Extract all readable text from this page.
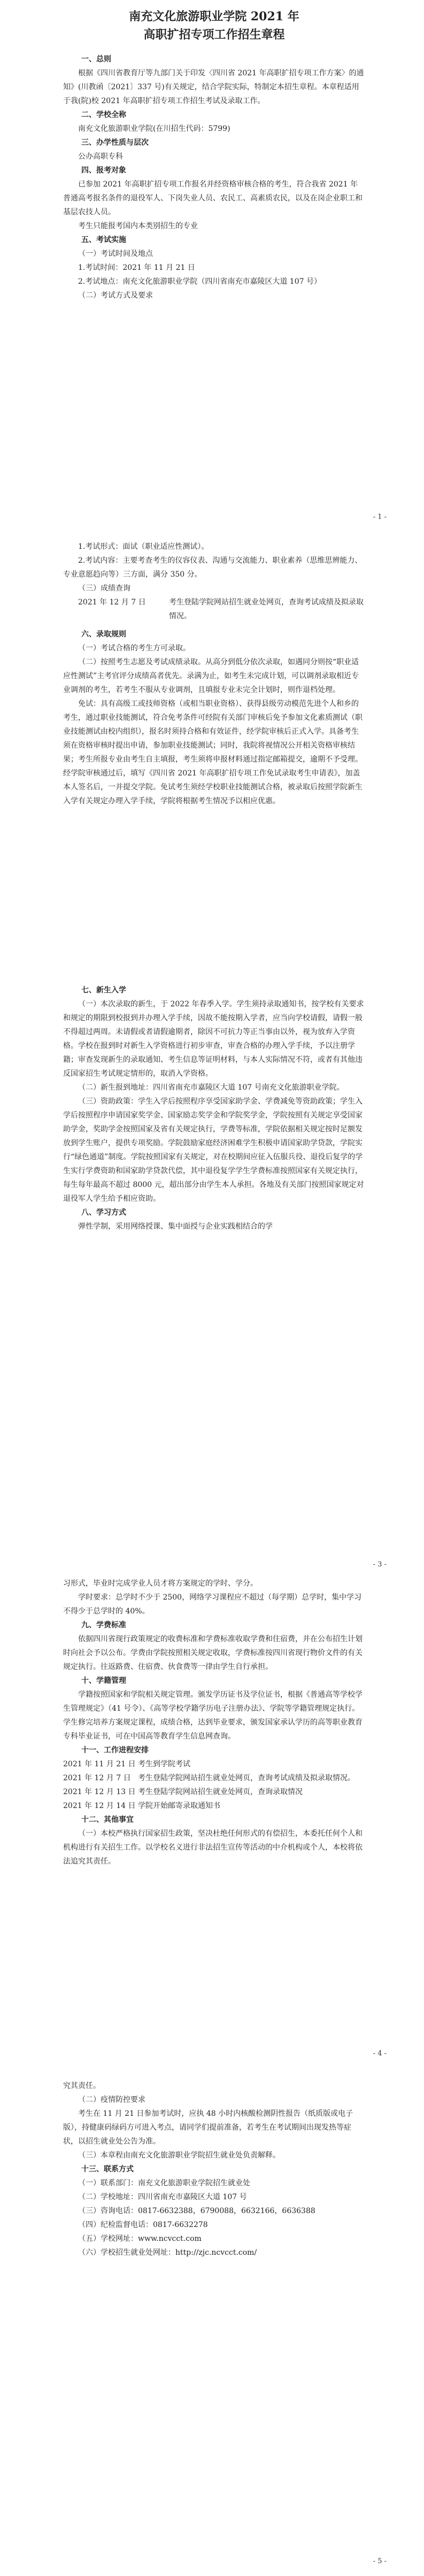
南充文化旅游职业学院 2021 年
高职扩招专项工作招生章程

一、总则

根据《四川省教育厅等九部门关于印发〈四川省 2021 年高职扩招专项工作方案〉的通知》(川教函〔2021〕337 号)有关规定，结合学院实际，特制定本招生章程。本章程适用于我(院)校 2021 年高职扩招专项工作招生考试及录取工作。

二、学校全称

南充文化旅游职业学院(在川招生代码：5799)

三、办学性质与层次

公办高职专科

四、报考对象

已参加 2021 年高职扩招专项工作报名并经资格审核合格的考生，符合我省 2021 年普通高考报名条件的退役军人、下岗失业人员、农民工、高素质农民，以及在岗企业职工和基层农技人员。

考生只能报考国内本类别招生的专业

五、考试实施

（一）考试时间及地点

1.考试时间：2021 年 11 月 21 日

2.考试地点：南充文化旅游职业学院（四川省南充市嘉陵区大道 107 号）

（二）考试方式及要求

- 1 -

1.考试形式：面试（职业适应性测试）。

2.考试内容：主要考查考生的仪容仪表、沟通与交流能力、职业素养（思维思辨能力、专业意愿趋向等）三方面，满分 350 分。

（三）成绩查询

2021 年 12 月 7 日	考生登陆学院网站招生就业处网页，查询考试成绩及拟录取情况。

六、录取规则

（一）考试合格的考生方可录取。

（二）按照考生志愿及考试成绩录取。从高分到低分依次录取，如遇同分则按“职业适应性测试”主考官评分成绩高者优先。录满为止，如考生未完成计划，可以调剂录取相近专业调剂的考生，若考生不服从专业调剂，且填报专业未完全计划时，则作退档处理。

免试：具有高级工或技师资格（或相当职业资格）、获得县级劳动模范先进个人和乡的考生，通过职业技能测试，符合免考条件可经院有关部门审核后免予参加文化素质测试（职业技能测试由校内组织），报名时须持合格和有效证件，经学院审核后正式入学。具备考生须在资格审核时提出申请，参加职业技能测试；同时，我院将视情况公开相关资格审核结果；考生所报专业由考生自主填报，考生须将申报材料通过指定邮箱提交，逾期不予受理。经学院审核通过后，填写《四川省 2021 年高职扩招专项工作免试录取考生申请表》，加盖本人签名后，一并提交学院。免试考生须经学校职业技能测试合格，被录取后按照学院新生入学有关规定办理入学手续，学院将根据考生情况予以相应优惠。

七、新生入学

（一）本次录取的新生，于 2022 年春季入学。学生须持录取通知书，按学校有关要求和规定的期限到校报到并办理入学手续，因故不能按期入学者，应当向学校请假，请假一般不得超过两周。未请假或者请假逾期者，除因不可抗力等正当事由以外，视为放弃入学资格。学校在报到时对新生入学资格进行初步审查，审查合格的办理入学手续，予以注册学籍；审查发现新生的录取通知、考生信息等证明材料，与本人实际情况不符，或者有其他违反国家招生考试规定情形的，取消入学资格。

（二）新生报到地址：四川省南充市嘉陵区大道 107 号南充文化旅游职业学院。

（三）资助政策：学生入学后按照程序享受国家助学金、学费减免等资助政策；学生入学后按照程序申请国家奖学金、国家励志奖学金和学院奖学金，学院按照有关规定享受国家助学金，奖助学金按照国家及省有关规定执行，学费等标准，学院依据相关规定按时足额发放到学生账户，提供专项奖励。学院鼓励家庭经济困难学生积极申请国家助学贷款，学院实行“绿色通道”制度。学院按照国家有关规定，对在校期间应征入伍服兵役、退役后复学的学生实行学费资助和国家助学贷款代偿，其中退役复学学生学费标准按照国家有关规定执行，每生每年最高不超过 8000 元，超出部分由学生本人承担。各地及有关部门按照国家规定对退役军人学生给予相应资助。

八、学习方式

弹性学制，采用网络授课、集中面授与企业实践相结合的学

- 3 -

习形式，毕业时完成学业人员才将方案规定的学时、学分。

学时要求：总学时不少于 2500，网络学习课程应不超过（每学期）总学时，集中学习不得少于总学时的 40%。

九、学费标准

依据四川省现行政策规定的收费标准和学费标准收取学费和住宿费，并在公布招生计划时向社会予以公布。学费由学院按照相关规定收取，学费标准按四川省现行物价文件的有关规定执行。往返路费、住宿费、伙食费等一律由学生自行承担。

十、学籍管理

学籍按照国家和学院相关规定管理。颁发学历证书及学位证书，根据《普通高等学校学生管理规定》（41 号令）、《高等学校学籍学历电子注册办法》、学院等学籍管理规定执行。学生修完培养方案规定课程，成绩合格，达到毕业要求，颁发国家承认学历的高等职业教育专科毕业证书，可在中国高等教育学生信息网查询。

十一、工作进程安排

2021 年 11 月 21 日 考生到学院考试
2021 年 12 月 7 日 考生登陆学院网站招生就业处网页，查询考试成绩及拟录取情况。
2021 年 12 月 13 日 考生登陆学院网站招生就业处网页，查询录取情况
2021 年 12 月 14 日 学院开始邮寄录取通知书

十二、其他事宜

（一）本校严格执行国家招生政策，坚决杜绝任何形式的有偿招生，本委托任何个人和机构进行有关招生工作。以学校名义进行非法招生宣传等活动的中介机构或个人，本校将依法追究其责任。

- 4 -

究其责任。

（二）疫情防控要求

考生在 11 月 21 日参加考试时，应执 48 小时内核酸检测阴性报告（纸质版或电子版），持健康码绿码方可进入考点，请同学们提前准备，若考生在考试期间出现发热等症状，以招生就业处公告为准。

（三）本章程由南充文化旅游职业学院招生就业处负责解释。

十三、联系方式

（一）联系部门：南充文化旅游职业学院招生就业处

（二）学校地址：四川省南充市嘉陵区大道 107 号

（三）咨询电话：0817-6632388，6790088，6632166，6636388

（四）纪检监督电话：0817-6632278

（五）学校网址：www.ncvcct.com

（六）学校招生就业处网址：http://zjc.ncvcct.com/

- 5 -
